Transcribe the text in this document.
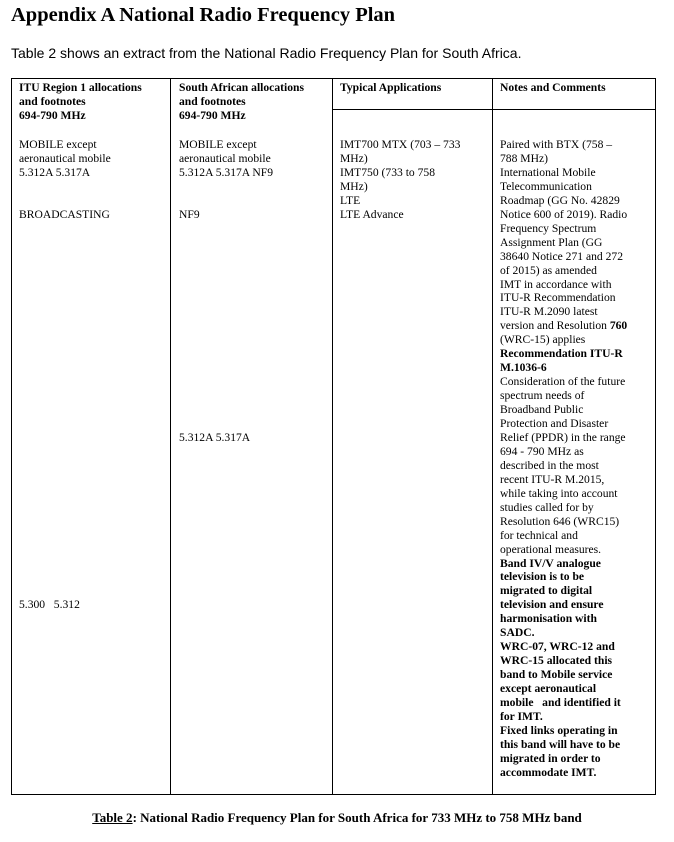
Appendix A National Radio Frequency Plan
Table 2 shows an extract from the National Radio Frequency Plan for South Africa.
ITU Region 1 allocations
and footnotes
694-790 MHz
South African allocations
and footnotes
694-790 MHz
Typical Applications	Notes and Comments
MOBILE except
aeronautical mobile
5.312A 5.317A
BROADCASTING
5.300   5.312
MOBILE except
aeronautical mobile
5.312A 5.317A NF9
NF9
5.312A 5.317A
IMT700 MTX (703 – 733
MHz)
IMT750 (733 to 758
MHz)
LTE
LTE Advance
Paired with BTX (758 –
788 MHz)
International Mobile
Telecommunication
Roadmap (GG No. 42829
Notice 600 of 2019). Radio
Frequency Spectrum
Assignment Plan (GG
38640 Notice 271 and 272
of 2015) as amended
IMT in accordance with
ITU-R Recommendation
ITU-R M.2090 latest
version and Resolution 760
(WRC-15) applies
Recommendation ITU-R
M.1036-6
Consideration of the future
spectrum needs of
Broadband Public
Protection and Disaster
Relief (PPDR) in the range
694 - 790 MHz as
described in the most
recent ITU-R M.2015,
while taking into account
studies called for by
Resolution 646 (WRC15)
for technical and
operational measures.
Band IV/V analogue
television is to be
migrated to digital
television and ensure
harmonisation with
SADC.
WRC-07, WRC-12 and
WRC-15 allocated this
band to Mobile service
except aeronautical
mobile   and identified it
for IMT.
Fixed links operating in
this band will have to be
migrated in order to
accommodate IMT.
Table 2: National Radio Frequency Plan for South Africa for 733 MHz to 758 MHz band
